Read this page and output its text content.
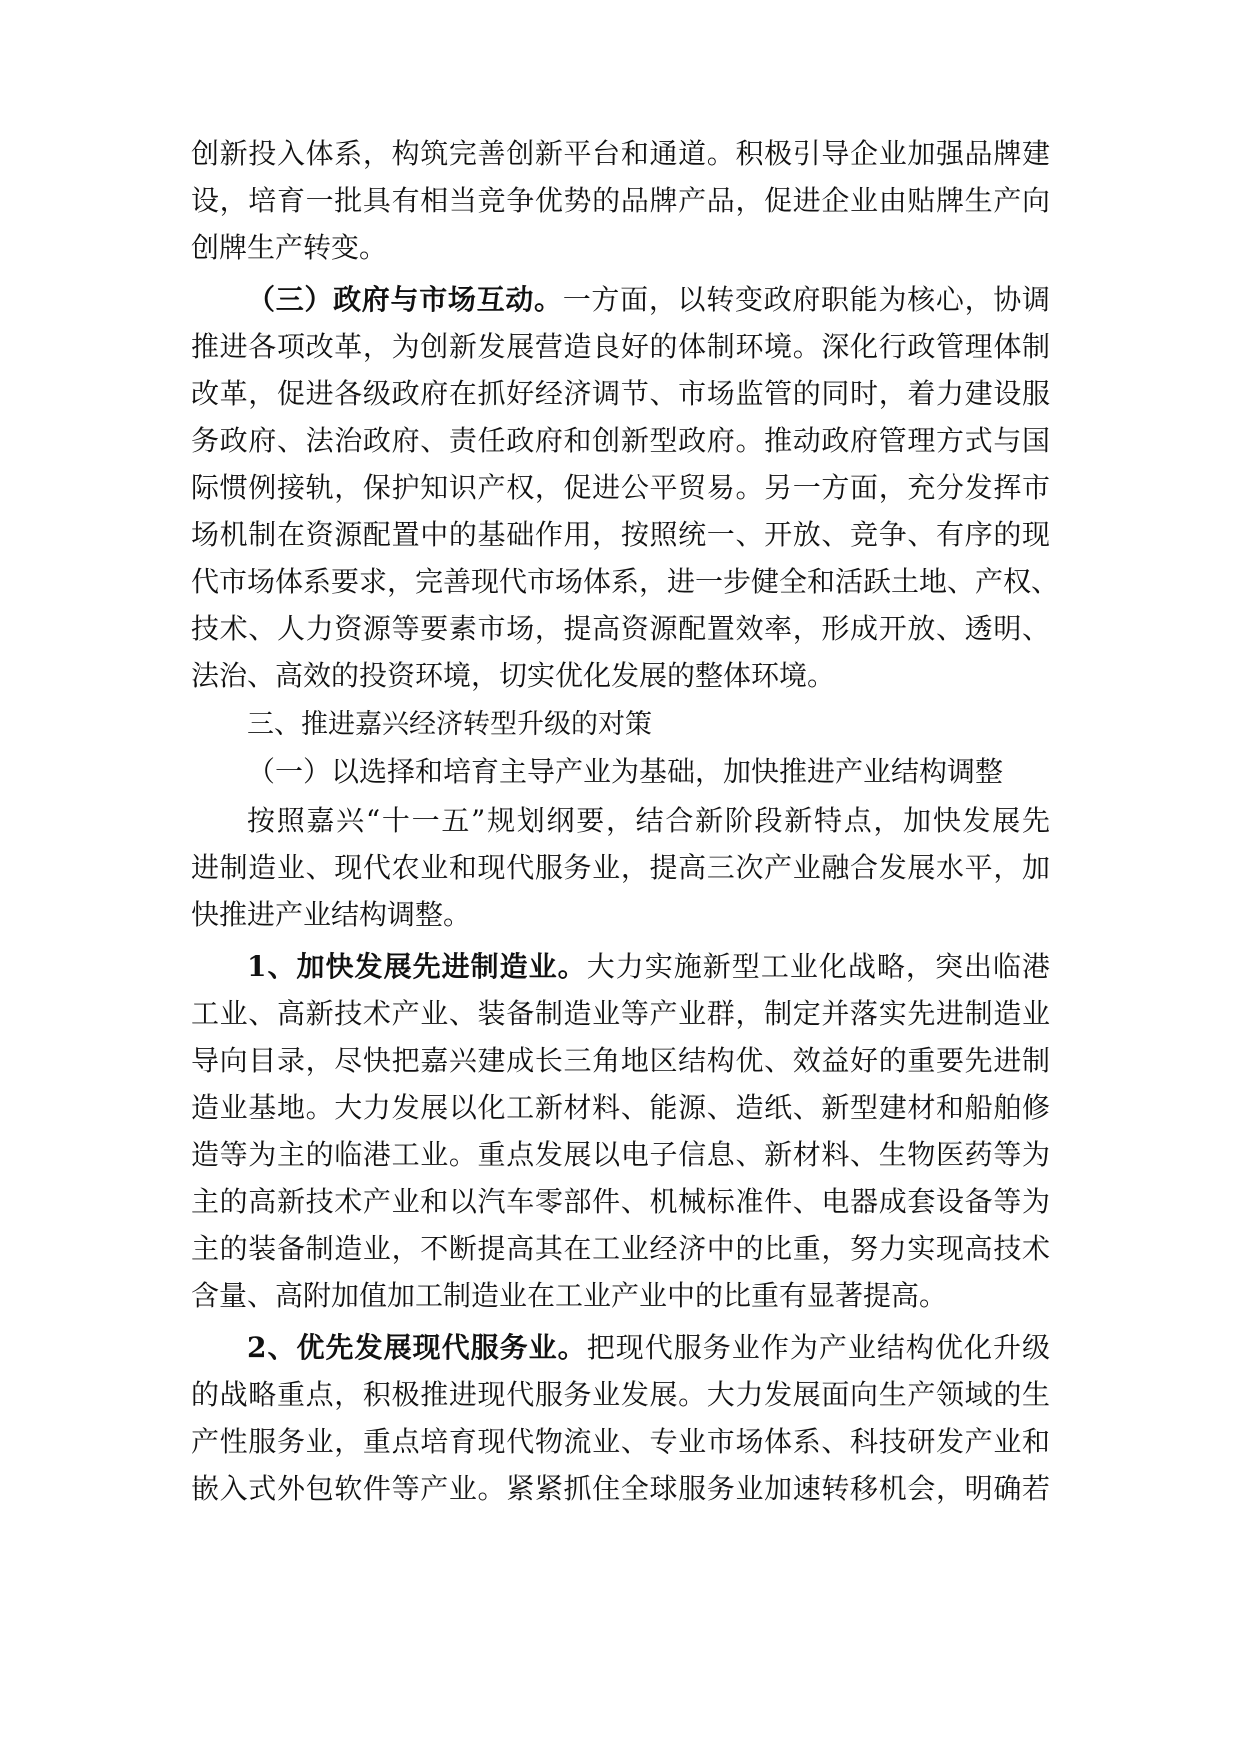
创新投入体系，构筑完善创新平台和通道。积极引导企业加强品牌建
设，培育一批具有相当竞争优势的品牌产品，促进企业由贴牌生产向
创牌生产转变。
（三）政府与市场互动。一方面，以转变政府职能为核心，协调
推进各项改革，为创新发展营造良好的体制环境。深化行政管理体制
改革，促进各级政府在抓好经济调节、市场监管的同时，着力建设服
务政府、法治政府、责任政府和创新型政府。推动政府管理方式与国
际惯例接轨，保护知识产权，促进公平贸易。另一方面，充分发挥市
场机制在资源配置中的基础作用，按照统一、开放、竞争、有序的现
代市场体系要求，完善现代市场体系，进一步健全和活跃土地、产权、
技术、人力资源等要素市场，提高资源配置效率，形成开放、透明、
法治、高效的投资环境，切实优化发展的整体环境。
三、推进嘉兴经济转型升级的对策
（一）以选择和培育主导产业为基础，加快推进产业结构调整
按照嘉兴“十一五”规划纲要，结合新阶段新特点，加快发展先
进制造业、现代农业和现代服务业，提高三次产业融合发展水平，加
快推进产业结构调整。
1、加快发展先进制造业。大力实施新型工业化战略，突出临港
工业、高新技术产业、装备制造业等产业群，制定并落实先进制造业
导向目录，尽快把嘉兴建成长三角地区结构优、效益好的重要先进制
造业基地。大力发展以化工新材料、能源、造纸、新型建材和船舶修
造等为主的临港工业。重点发展以电子信息、新材料、生物医药等为
主的高新技术产业和以汽车零部件、机械标准件、电器成套设备等为
主的装备制造业，不断提高其在工业经济中的比重，努力实现高技术
含量、高附加值加工制造业在工业产业中的比重有显著提高。
2、优先发展现代服务业。把现代服务业作为产业结构优化升级
的战略重点，积极推进现代服务业发展。大力发展面向生产领域的生
产性服务业，重点培育现代物流业、专业市场体系、科技研发产业和
嵌入式外包软件等产业。紧紧抓住全球服务业加速转移机会，明确若
